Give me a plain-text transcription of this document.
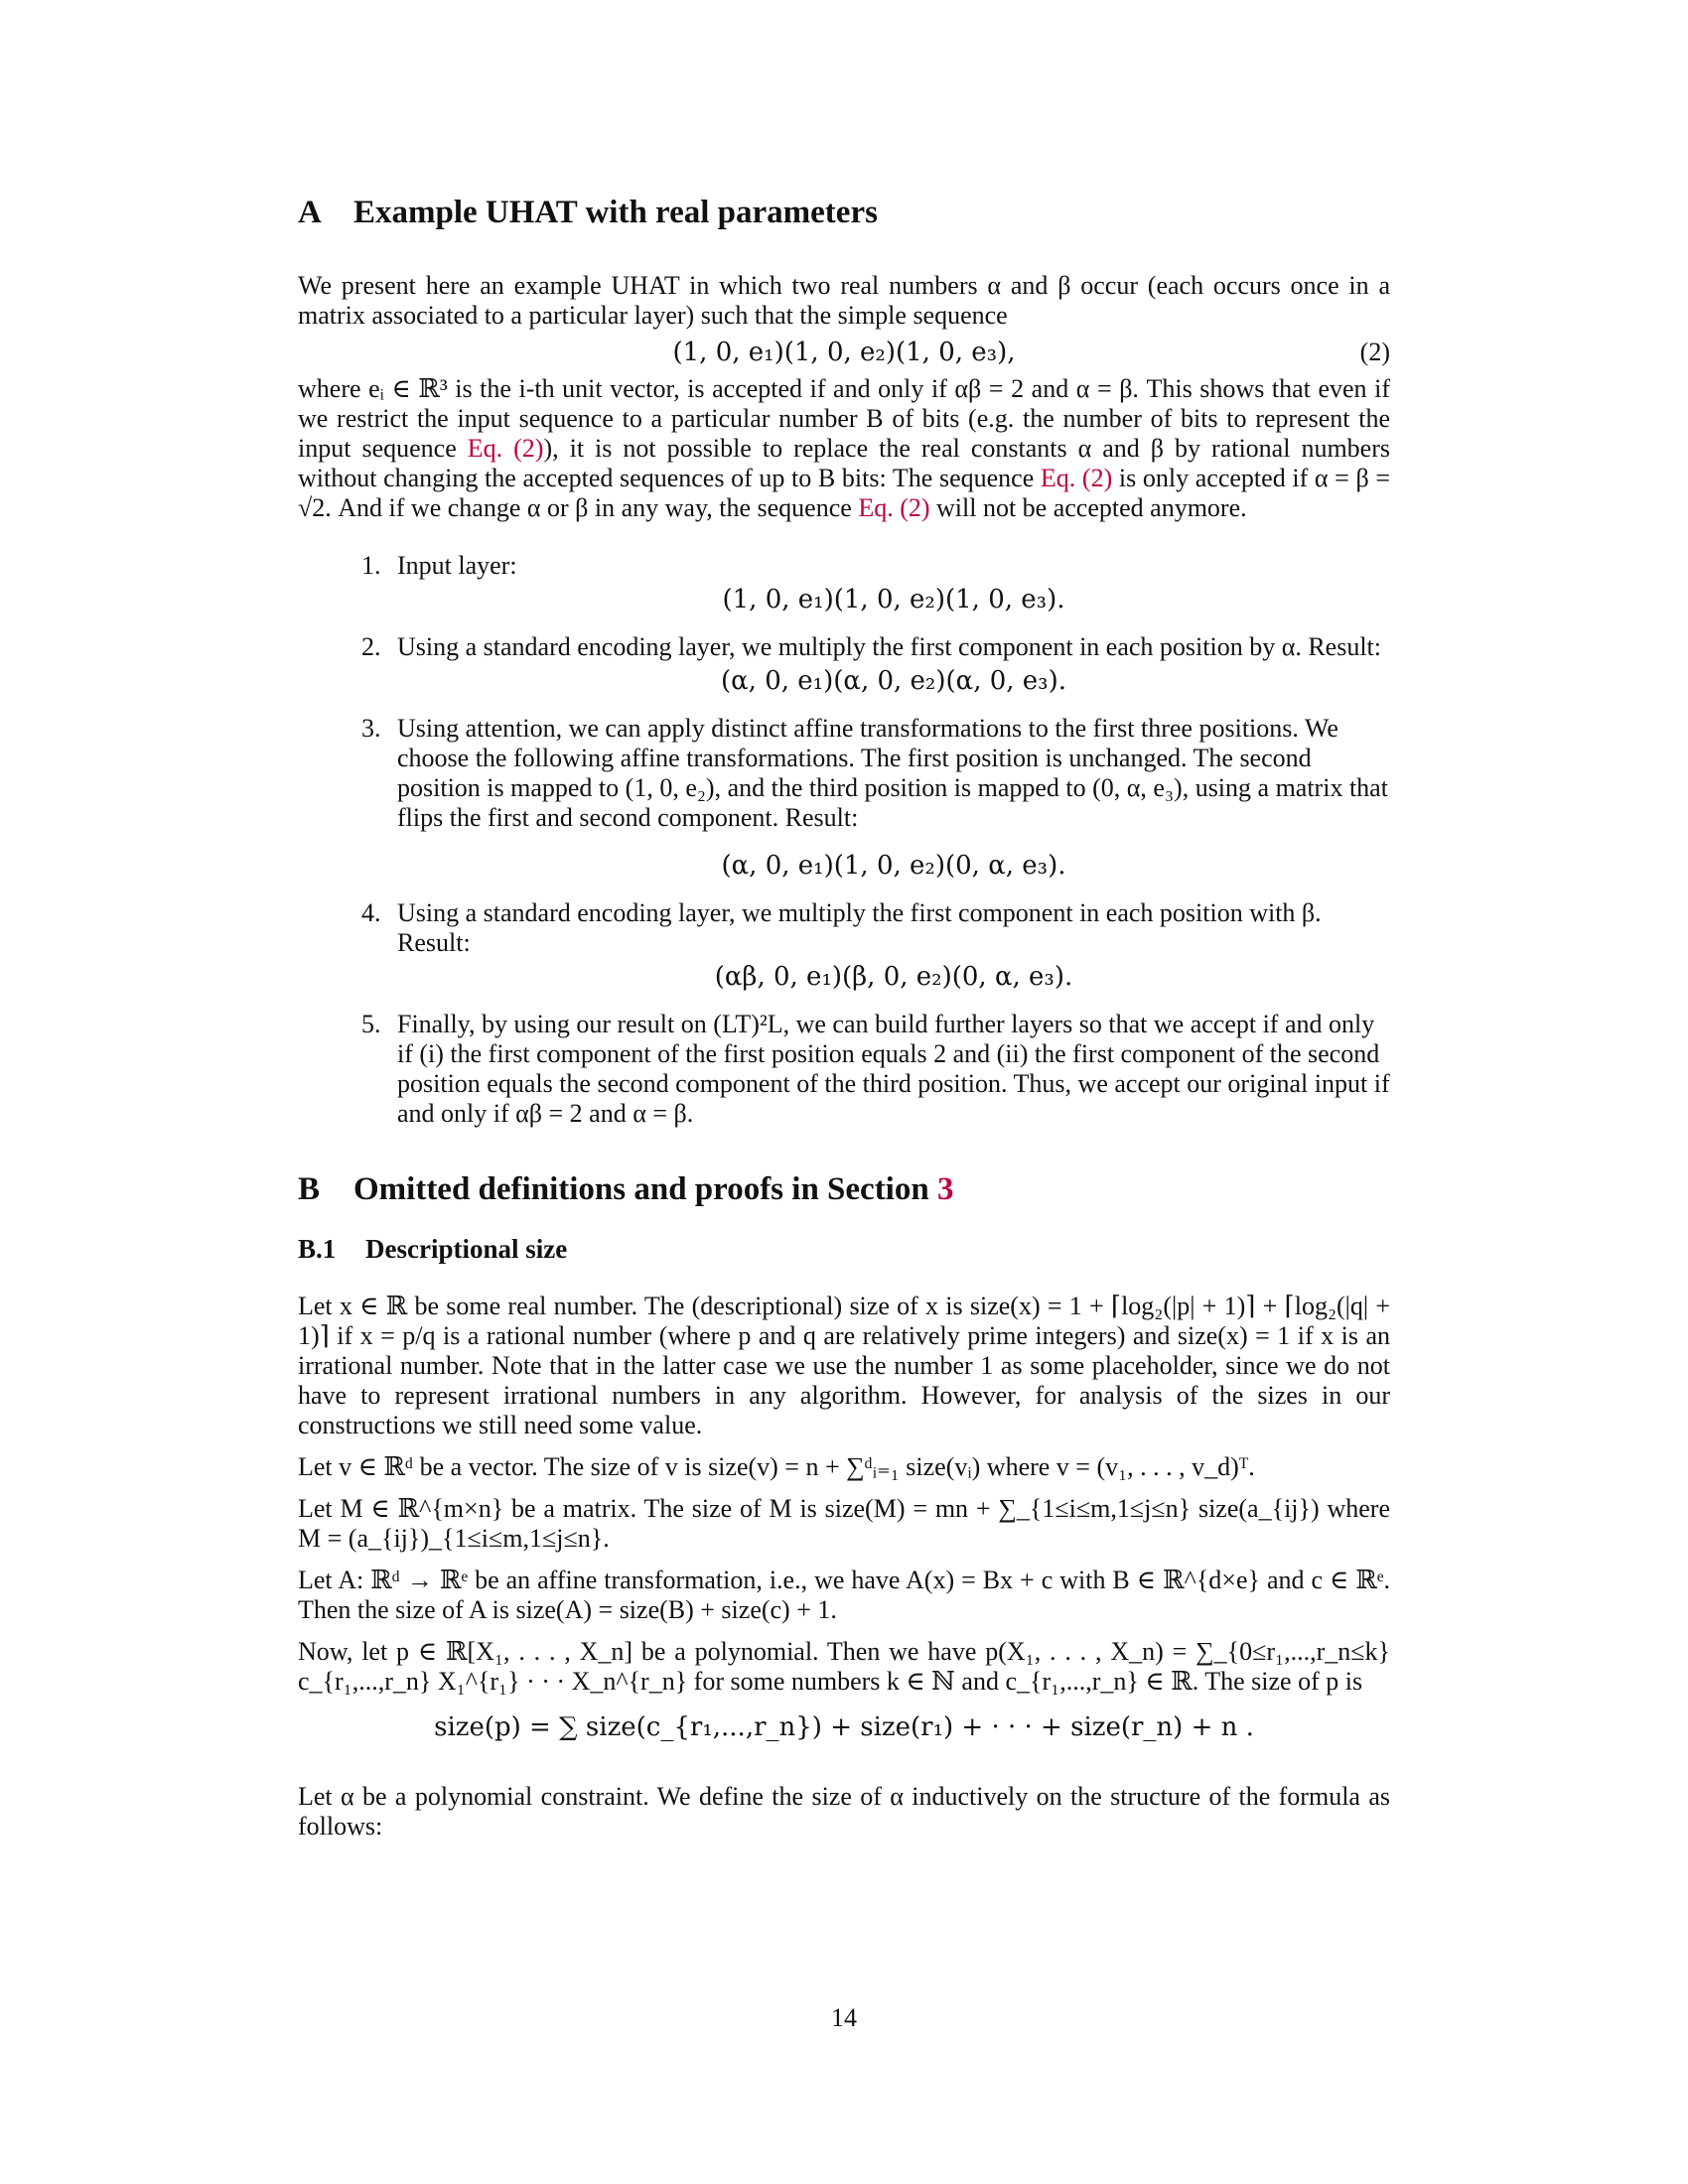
A Example UHAT with real parameters

We present here an example UHAT in which two real numbers α and β occur (each occurs once in a matrix associated to a particular layer) such that the simple sequence

(1, 0, e₁)(1, 0, e₂)(1, 0, e₃),	(2)

where eᵢ ∈ ℝ³ is the i-th unit vector, is accepted if and only if αβ = 2 and α = β. This shows that even if we restrict the input sequence to a particular number B of bits (e.g. the number of bits to represent the input sequence Eq. (2)), it is not possible to replace the real constants α and β by rational numbers without changing the accepted sequences of up to B bits: The sequence Eq. (2) is only accepted if α = β = √2. And if we change α or β in any way, the sequence Eq. (2) will not be accepted anymore.

1. Input layer:
(1, 0, e₁)(1, 0, e₂)(1, 0, e₃).
2. Using a standard encoding layer, we multiply the first component in each position by α. Result:
(α, 0, e₁)(α, 0, e₂)(α, 0, e₃).
3. Using attention, we can apply distinct affine transformations to the first three positions. We choose the following affine transformations. The first position is unchanged. The second position is mapped to (1, 0, e₂), and the third position is mapped to (0, α, e₃), using a matrix that flips the first and second component. Result:
(α, 0, e₁)(1, 0, e₂)(0, α, e₃).
4. Using a standard encoding layer, we multiply the first component in each position with β. Result:
(αβ, 0, e₁)(β, 0, e₂)(0, α, e₃).
5. Finally, by using our result on (LT)²L, we can build further layers so that we accept if and only if (i) the first component of the first position equals 2 and (ii) the first component of the second position equals the second component of the third position. Thus, we accept our original input if and only if αβ = 2 and α = β.
B Omitted definitions and proofs in Section 3
B.1 Descriptional size

Let x ∈ ℝ be some real number. The (descriptional) size of x is size(x) = 1 + ⌈log₂(|p| + 1)⌉ + ⌈log₂(|q| + 1)⌉ if x = p/q is a rational number (where p and q are relatively prime integers) and size(x) = 1 if x is an irrational number. Note that in the latter case we use the number 1 as some placeholder, since we do not have to represent irrational numbers in any algorithm. However, for analysis of the sizes in our constructions we still need some value.

Let v ∈ ℝᵈ be a vector. The size of v is size(v) = n + ∑ᵈᵢ₌₁ size(vᵢ) where v = (v₁, . . . , v_d)ᵀ.

Let M ∈ ℝ^{m×n} be a matrix. The size of M is size(M) = mn + ∑_{1≤i≤m,1≤j≤n} size(a_{ij}) where M = (a_{ij})_{1≤i≤m,1≤j≤n}.

Let A: ℝᵈ → ℝᵉ be an affine transformation, i.e., we have A(x) = Bx + c with B ∈ ℝ^{d×e} and c ∈ ℝᵉ. Then the size of A is size(A) = size(B) + size(c) + 1.

Now, let p ∈ ℝ[X₁, . . . , X_n] be a polynomial. Then we have p(X₁, . . . , X_n) = ∑_{0≤r₁,...,r_n≤k} c_{r₁,...,r_n} X₁^{r₁} · · · X_n^{r_n} for some numbers k ∈ ℕ and c_{r₁,...,r_n} ∈ ℝ. The size of p is

size(p) = ∑ size(c_{r₁,...,r_n}) + size(r₁) + · · · + size(r_n) + n .

Let α be a polynomial constraint. We define the size of α inductively on the structure of the formula as follows:

14
